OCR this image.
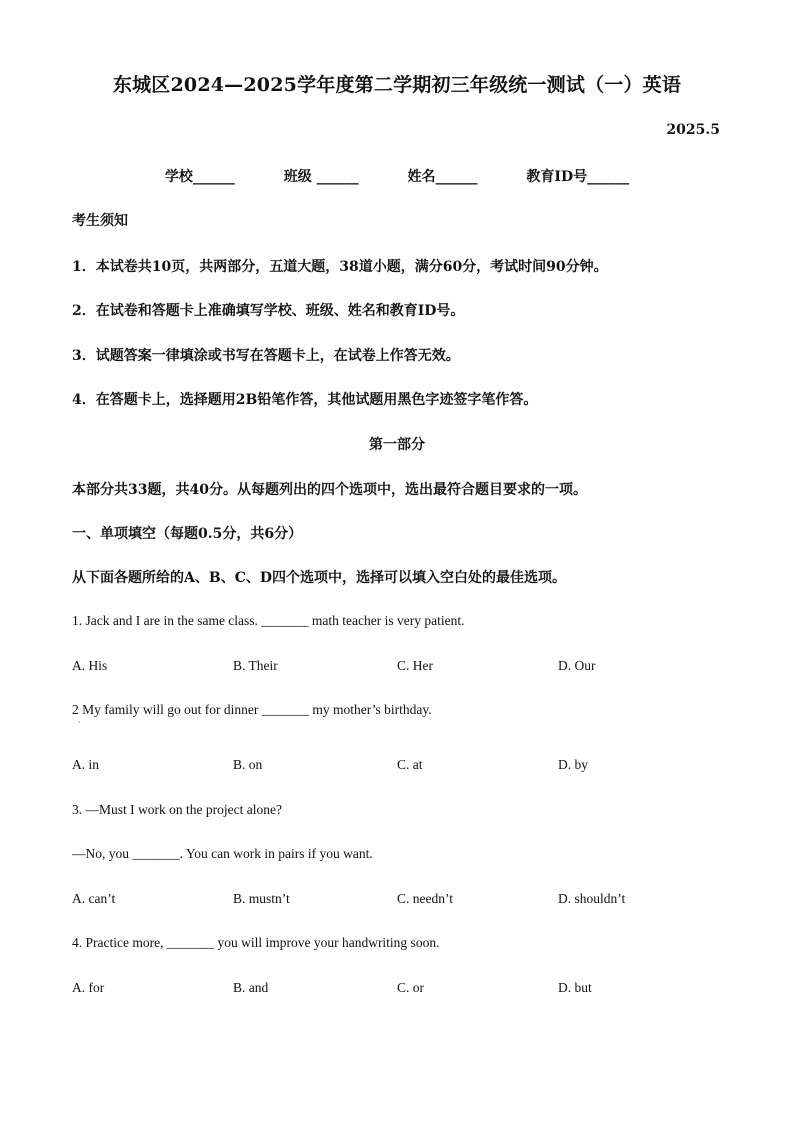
东城区2024—2025学年度第二学期初三年级统一测试（一）英语
2025.5
学校______	班级 ______	姓名______	教育ID号______
考生须知
1．本试卷共10页，共两部分，五道大题，38道小题，满分60分，考试时间90分钟。
2．在试卷和答题卡上准确填写学校、班级、姓名和教育ID号。
3．试题答案一律填涂或书写在答题卡上，在试卷上作答无效。
4．在答题卡上，选择题用2B铅笔作答，其他试题用黑色字迹签字笔作答。
第一部分
本部分共33题，共40分。从每题列出的四个选项中，选出最符合题目要求的一项。
一、单项填空（每题0.5分，共6分）
从下面各题所给的A、B、C、D四个选项中，选择可以填入空白处的最佳选项。
1. Jack and I are in the same class. _______ math teacher is very patient.
A. His	B. Their	C. Her	D. Our
2 My family will go out for dinner _______ my mother’s birthday.
·
A. in	B. on	C. at	D. by
3. —Must I work on the project alone?
—No, you _______. You can work in pairs if you want.
A. can’t	B. mustn’t	C. needn’t	D. shouldn’t
4. Practice more, _______ you will improve your handwriting soon.
A. for	B. and	C. or	D. but
